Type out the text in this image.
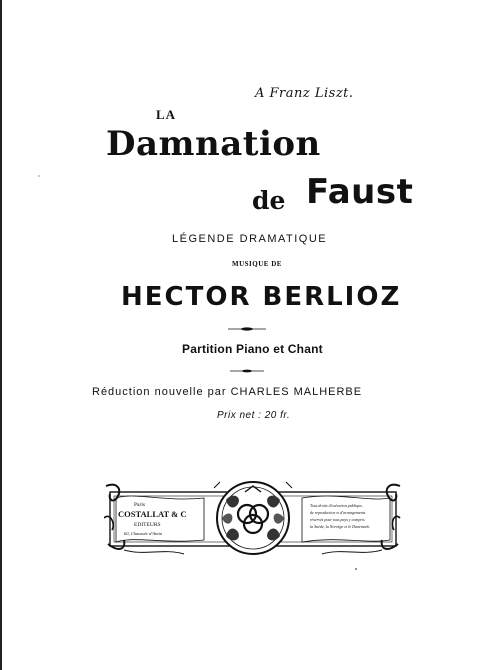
A Franz Liszt.
LA
Damnation
de Faust
LÉGENDE DRAMATIQUE
MUSIQUE DE
HECTOR BERLIOZ
Partition Piano et Chant
Réduction nouvelle par CHARLES MALHERBE
Prix net : 20 fr.
Paris
COSTALLAT & C
EDITEURS
60, Chaussée d'Antin
Tous droits d'exécution publique,
de reproduction et d'arrangements
réservés pour tous pays y compris
la Suède, la Norvège et le Danemark.
